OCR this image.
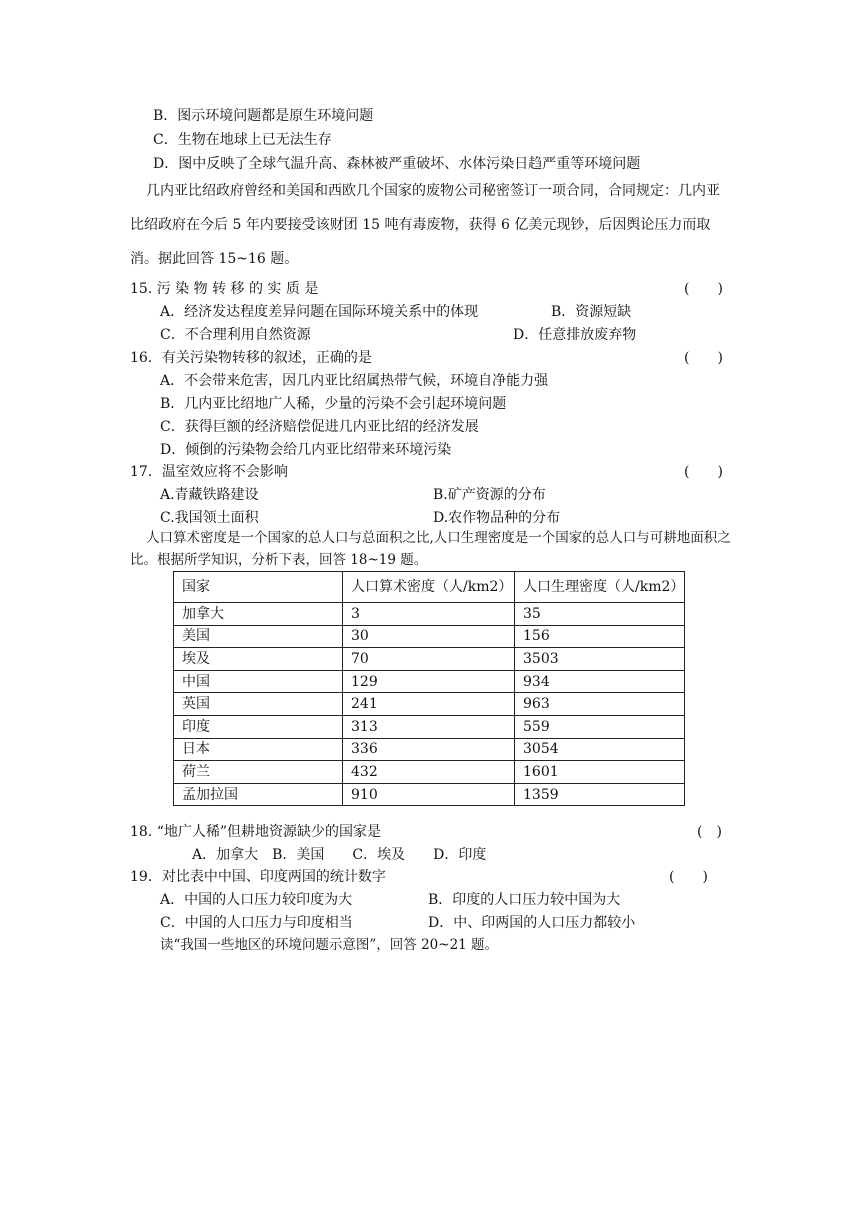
B．图示环境问题都是原生环境问题
C．生物在地球上已无法生存
D．图中反映了全球气温升高、森林被严重破坏、水体污染日趋严重等环境问题
几内亚比绍政府曾经和美国和西欧几个国家的废物公司秘密签订一项合同，合同规定：几内亚比绍政府在今后 5 年内要接受该财团 15 吨有毒废物，获得 6 亿美元现钞，后因舆论压力而取消。据此回答 15~16 题。
15. 污 染 物 转 移 的 实 质 是	(　　)
A．经济发达程度差异问题在国际环境关系中的体现	B．资源短缺
C．不合理利用自然资源	D．任意排放废弃物
16．有关污染物转移的叙述，正确的是	(　　)
A．不会带来危害，因几内亚比绍属热带气候，环境自净能力强
B．几内亚比绍地广人稀，少量的污染不会引起环境问题
C．获得巨额的经济赔偿促进几内亚比绍的经济发展
D．倾倒的污染物会给几内亚比绍带来环境污染
17．温室效应将不会影响	(　　)
A.青藏铁路建设	B.矿产资源的分布
C.我国领土面积	D.农作物品种的分布
人口算术密度是一个国家的总人口与总面积之比,人口生理密度是一个国家的总人口与可耕地面积之比。根据所学知识，分析下表，回答 18~19 题。
国家	人口算术密度（人/km2）	人口生理密度（人/km2）
加拿大	3	35
美国	30	156
埃及	70	3503
中国	129	934
英国	241	963
印度	313	559
日本	336	3054
荷兰	432	1601
孟加拉国	910	1359
18. “地广人稀”但耕地资源缺少的国家是	(　)
A．加拿大　B．美国　　C．埃及　　D．印度
19．对比表中中国、印度两国的统计数字	(　　)
A．中国的人口压力较印度为大	B．印度的人口压力较中国为大
C．中国的人口压力与印度相当	D．中、印两国的人口压力都较小
读“我国一些地区的环境问题示意图”，回答 20~21 题。
